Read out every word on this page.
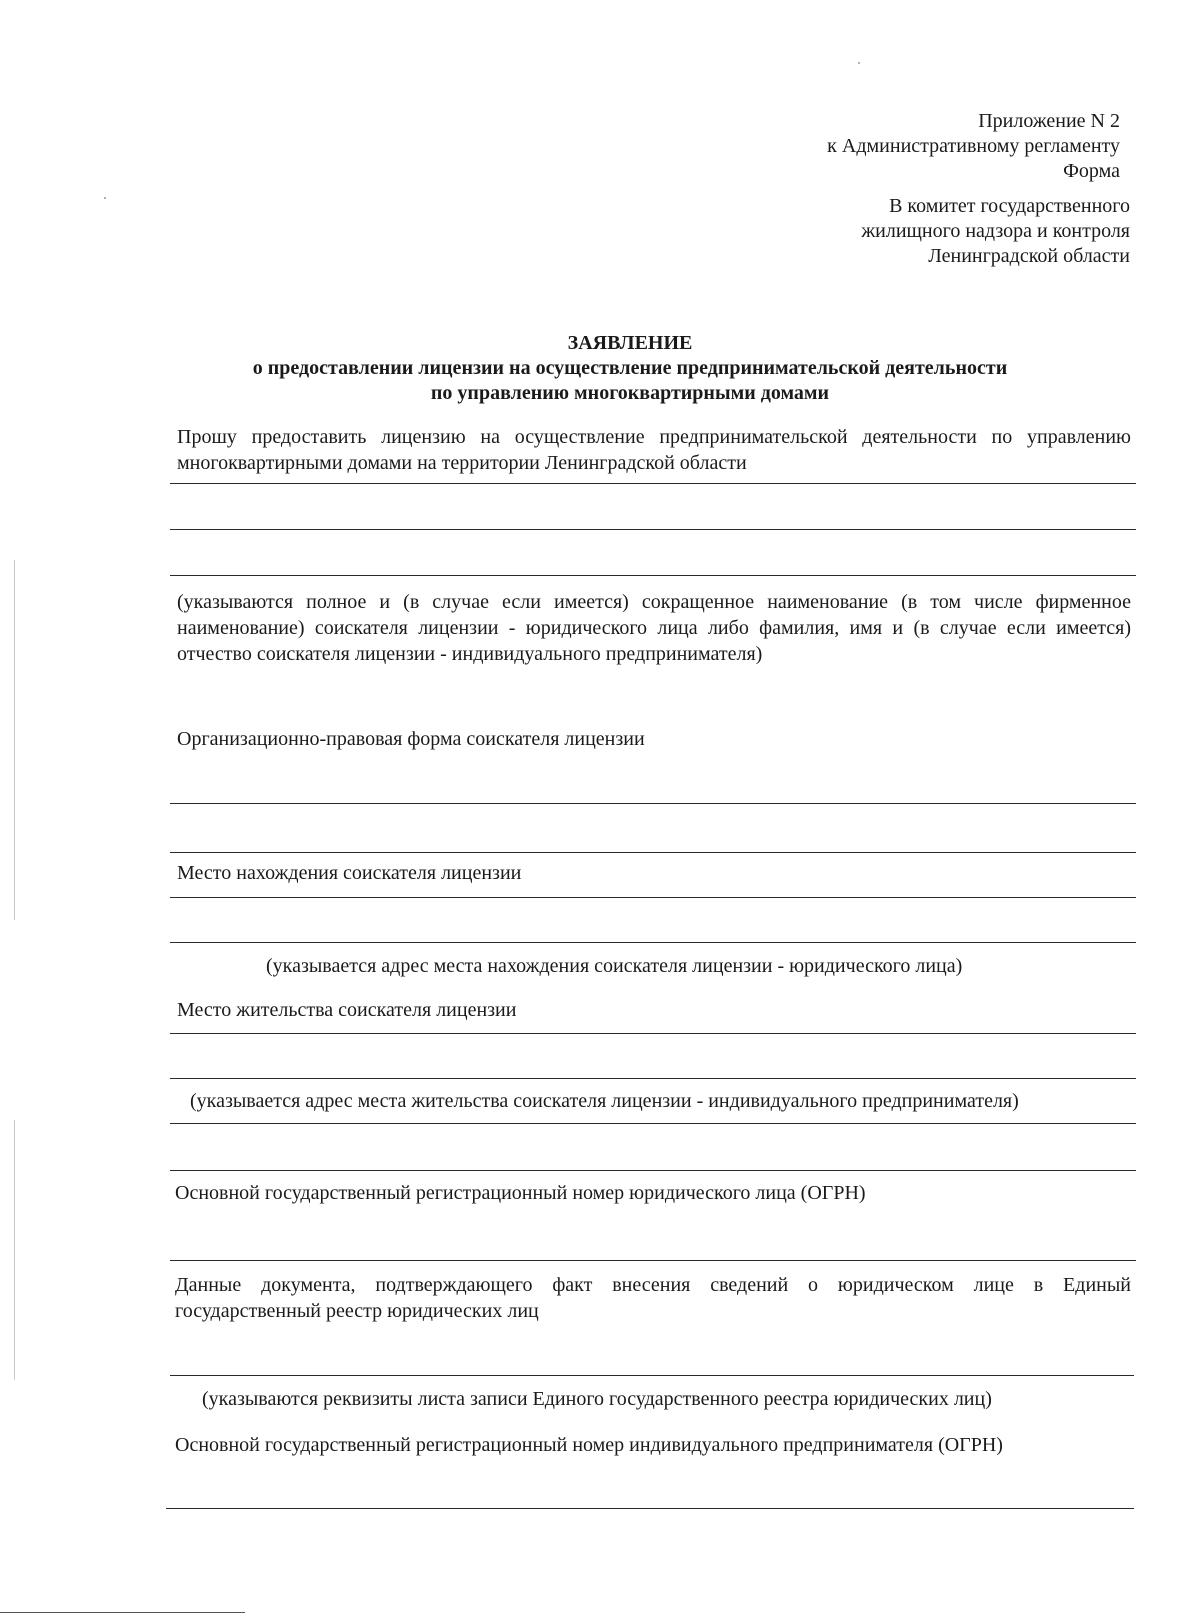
Приложение N 2
к Административному регламенту
Форма
В комитет государственного
жилищного надзора и контроля
Ленинградской области
ЗАЯВЛЕНИЕ
о предоставлении лицензии на осуществление предпринимательской деятельности
по управлению многоквартирными домами
Прошу предоставить лицензию на осуществление предпринимательской деятельности по управлению многоквартирными домами на территории Ленинградской области
(указываются полное и (в случае если имеется) сокращенное наименование (в том числе фирменное наименование) соискателя лицензии - юридического лица либо фамилия, имя и (в случае если имеется) отчество соискателя лицензии - индивидуального предпринимателя)
Организационно-правовая форма соискателя лицензии
Место нахождения соискателя лицензии
(указывается адрес места нахождения соискателя лицензии - юридического лица)
Место жительства соискателя лицензии
(указывается адрес места жительства соискателя лицензии - индивидуального предпринимателя)
Основной государственный регистрационный номер юридического лица (ОГРН)
Данные документа, подтверждающего факт внесения сведений о юридическом лице в Единый государственный реестр юридических лиц
(указываются реквизиты листа записи Единого государственного реестра юридических лиц)
Основной государственный регистрационный номер индивидуального предпринимателя (ОГРН)
